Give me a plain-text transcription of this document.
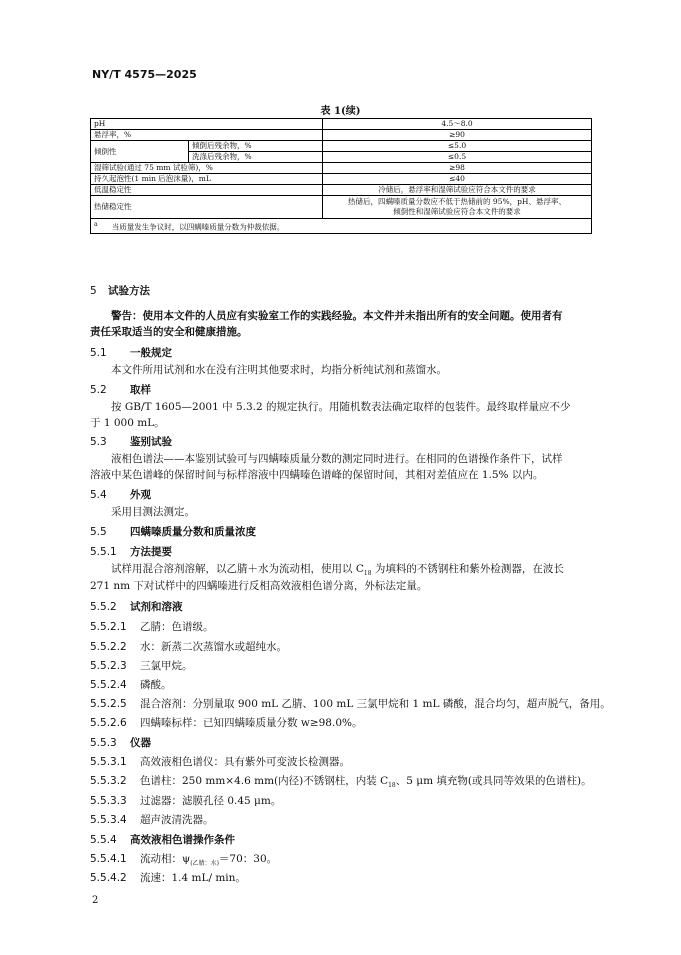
NY/T 4575—2025
表 1(续)
pH		4.5～8.0
悬浮率，%		≥90
倾倒性	倾倒后残余物，%	≤5.0
	洗涤后残余物，%	≤0.5
湿筛试验(通过 75 mm 试验筛)，%		≥98
持久起泡性(1 min 后泡沫量)，mL		≤40
低温稳定性		冷储后，悬浮率和湿筛试验应符合本文件的要求
热储稳定性		热储后，四螨嗪质量分数应不低于热储前的 95%，pH、悬浮率、
倾倒性和湿筛试验应符合本文件的要求
$^a$ 当质量发生争议时，以四螨嗪质量分数为仲裁依据。		
5 试验方法
警告：使用本文件的人员应有实验室工作的实践经验。本文件并未指出所有的安全问题。使用者有
责任采取适当的安全和健康措施。
5.1 一般规定
本文件所用试剂和水在没有注明其他要求时，均指分析纯试剂和蒸馏水。
5.2 取样
按 GB/T 1605—2001 中 5.3.2 的规定执行。用随机数表法确定取样的包装件。最终取样量应不少
于 1 000 mL。
5.3 鉴别试验
液相色谱法——本鉴别试验可与四螨嗪质量分数的测定同时进行。在相同的色谱操作条件下，试样
溶液中某色谱峰的保留时间与标样溶液中四螨嗪色谱峰的保留时间，其相对差值应在 1.5% 以内。
5.4 外观
采用目测法测定。
5.5 四螨嗪质量分数和质量浓度
5.5.1 方法提要
试样用混合溶剂溶解，以乙腈＋水为流动相，使用以 $C_{18}$ 为填料的不锈钢柱和紫外检测器，在波长
271 nm 下对试样中的四螨嗪进行反相高效液相色谱分离，外标法定量。
5.5.2 试剂和溶液
5.5.2.1 乙腈：色谱级。
5.5.2.2 水：新蒸二次蒸馏水或超纯水。
5.5.2.3 三氯甲烷。
5.5.2.4 磷酸。
5.5.2.5 混合溶剂：分别量取 900 mL 乙腈、100 mL 三氯甲烷和 1 mL 磷酸，混合均匀，超声脱气，备用。
5.5.2.6 四螨嗪标样：已知四螨嗪质量分数 w≥98.0%。
5.5.3 仪器
5.5.3.1 高效液相色谱仪：具有紫外可变波长检测器。
5.5.3.2 色谱柱：250 mm×4.6 mm(内径)不锈钢柱，内装 $C_{18}$、5 μm 填充物(或具同等效果的色谱柱)。
5.5.3.3 过滤器：滤膜孔径 0.45 μm。
5.5.3.4 超声波清洗器。
5.5.4 高效液相色谱操作条件
5.5.4.1 流动相：$\psi_{(乙腈:水)}=70$：30。
5.5.4.2 流速：1.4 mL/ min。
2
